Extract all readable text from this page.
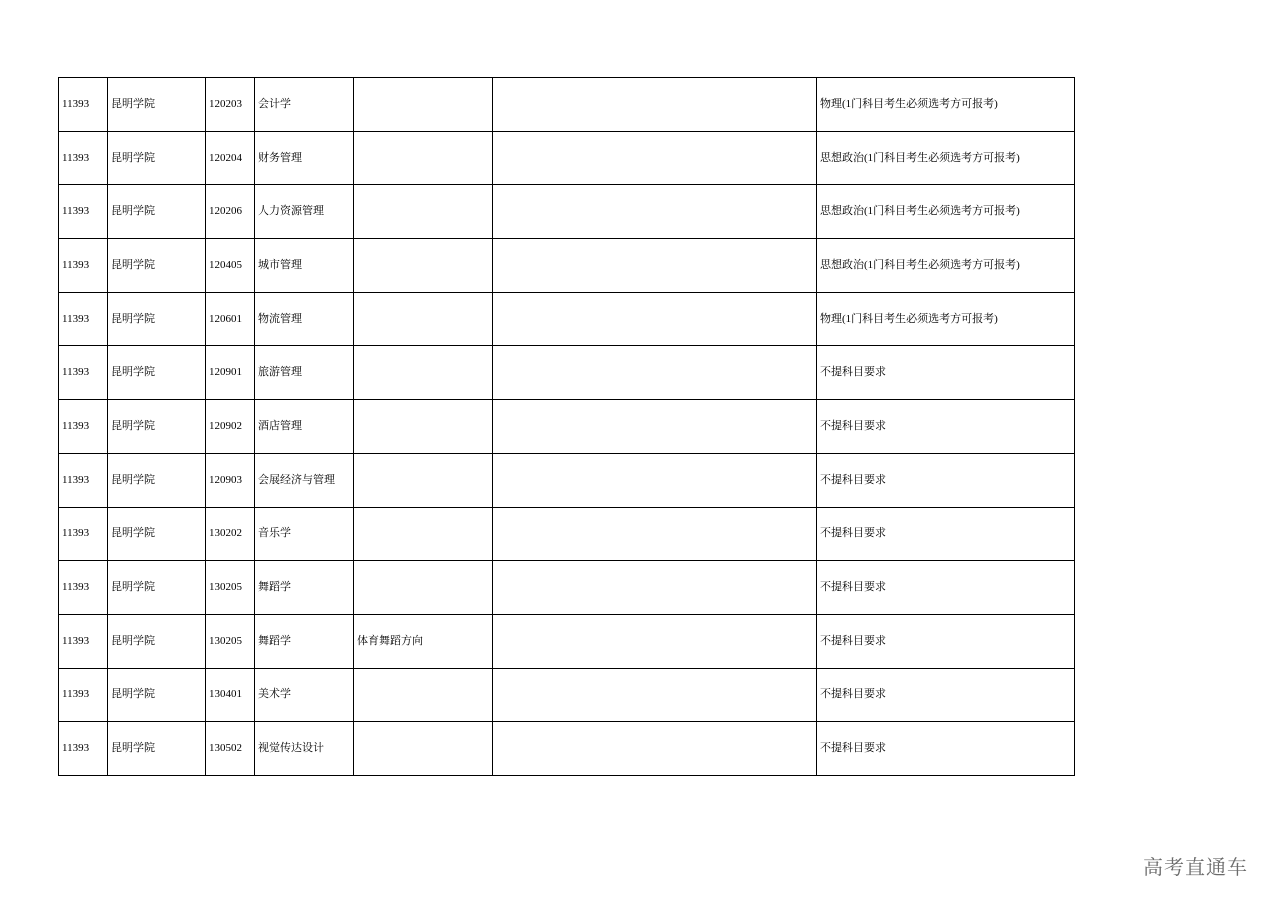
11393	昆明学院	120203	会计学			物理(1门科目考生必须选考方可报考)
11393	昆明学院	120204	财务管理			思想政治(1门科目考生必须选考方可报考)
11393	昆明学院	120206	人力资源管理			思想政治(1门科目考生必须选考方可报考)
11393	昆明学院	120405	城市管理			思想政治(1门科目考生必须选考方可报考)
11393	昆明学院	120601	物流管理			物理(1门科目考生必须选考方可报考)
11393	昆明学院	120901	旅游管理			不提科目要求
11393	昆明学院	120902	酒店管理			不提科目要求
11393	昆明学院	120903	会展经济与管理			不提科目要求
11393	昆明学院	130202	音乐学			不提科目要求
11393	昆明学院	130205	舞蹈学			不提科目要求
11393	昆明学院	130205	舞蹈学	体育舞蹈方向		不提科目要求
11393	昆明学院	130401	美术学			不提科目要求
11393	昆明学院	130502	视觉传达设计			不提科目要求
高考直通车
